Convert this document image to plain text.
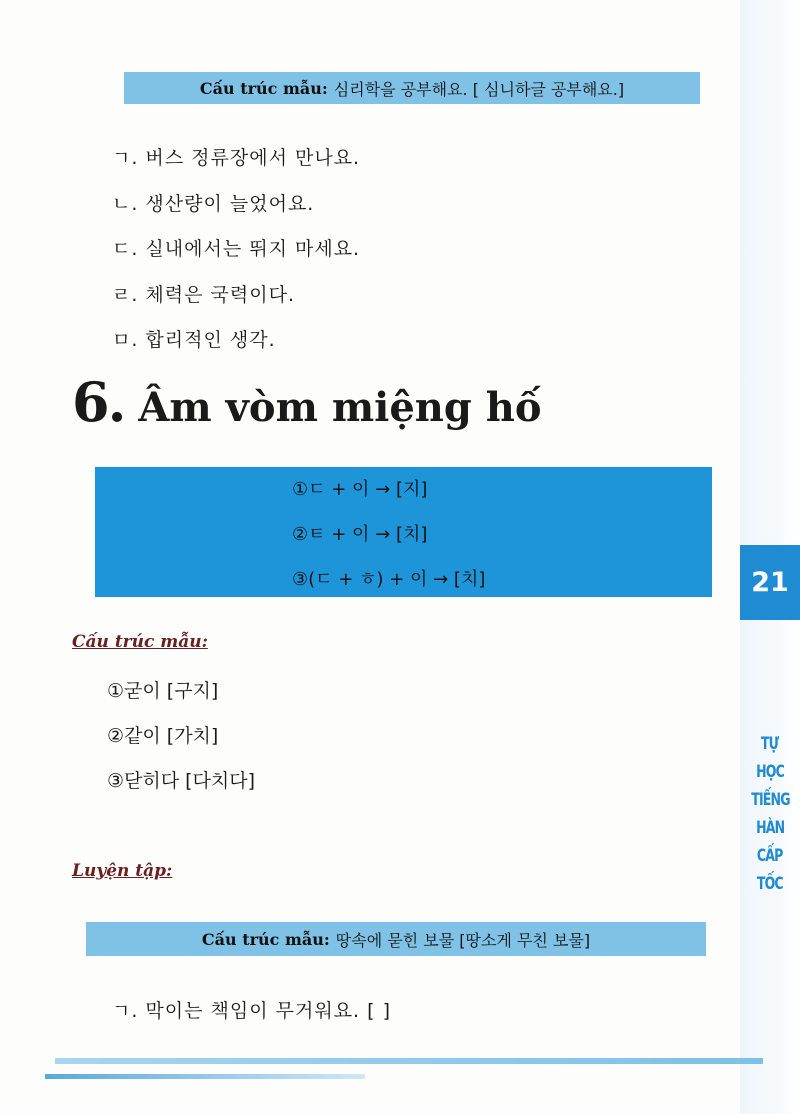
21
TỰ
HỌC
TIẾNG
HÀN
CẤP
TỐC
Cấu trúc mẫu: 심리학을 공부해요. [ 심니하글 공부해요.]
ㄱ. 버스 정류장에서 만나요.
ㄴ. 생산량이 늘었어요.
ㄷ. 실내에서는 뛰지 마세요.
ㄹ. 체력은 국력이다.
ㅁ. 합리적인 생각.
6. Âm vòm miệng hố
①ㄷ + 이 → [지]
②ㅌ + 이 → [치]
③(ㄷ + ㅎ) + 이 → [치]
Cấu trúc mẫu:
①굳이 [구지]
②같이 [가치]
③닫히다 [다치다]
Luyện tập:
Cấu trúc mẫu: 땅속에 묻힌 보물 [땅소게 무친 보물]
ㄱ. 막이는 책임이 무거워요. [ ]
